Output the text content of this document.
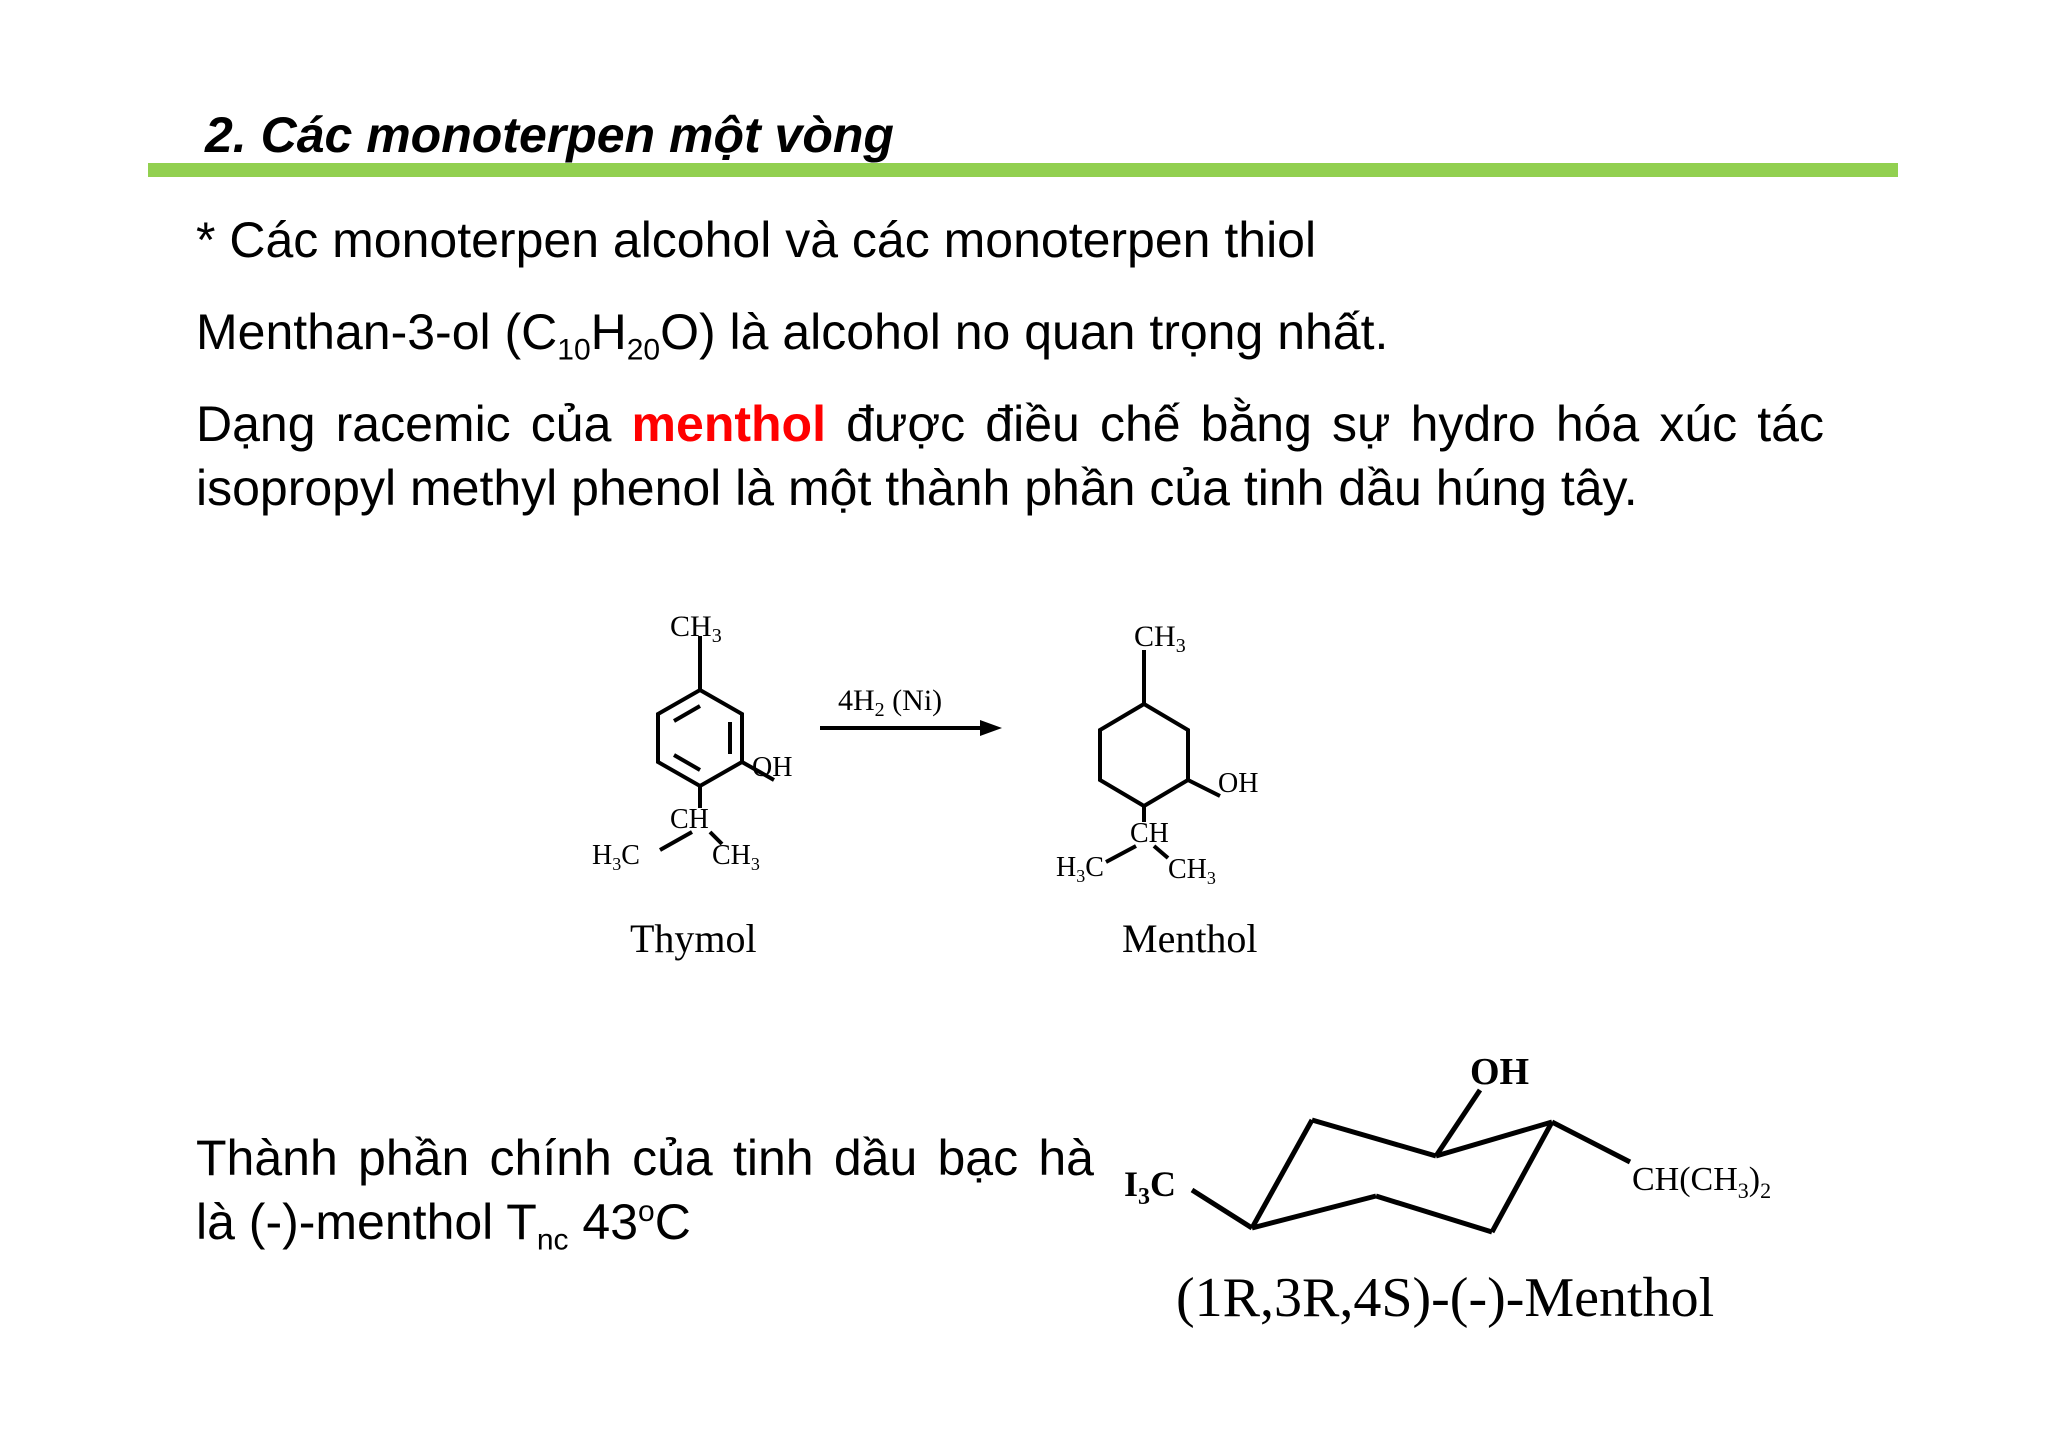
2. Các monoterpen một vòng

* Các monoterpen alcohol và các monoterpen thiol

Menthan-3-ol $(C_{10}H_{20}O)$ là alcohol no quan trọng nhất.

Dạng racemic của menthol được điều chế bằng sự hydro hóa xúc tác isopropyl methyl phenol là một thành phần của tinh dầu húng tây.

$CH_3$
OH
CH
$H_3C$	$CH_3$
Thymol
$4H_2$ (Ni)
$CH_3$
OH
CH
$H_3C$ $CH_3$
Menthol

Thành phần chính của tinh dầu bạc hà là (-)-menthol $T_{nc}$ 43$^o$C

OH
$I_3C$	$CH(CH_3)_2$
(1R,3R,4S)-(-)-Menthol
